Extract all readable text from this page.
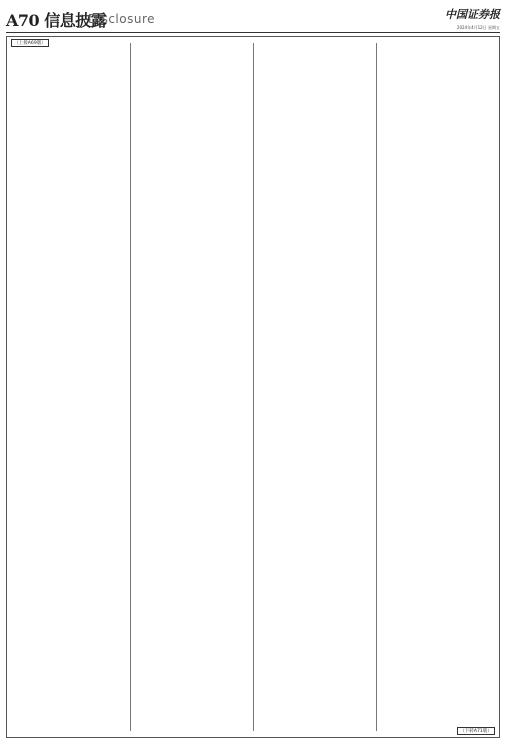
A70 信息披露
Disclosure	中国证券报
2024年4月12日 星期五
（上接A69版）
（下转A71版）
